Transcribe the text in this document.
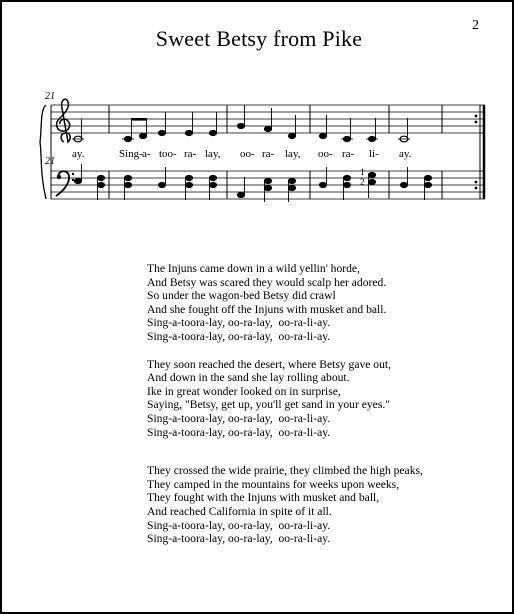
Sweet Betsy from Pike
2
21
21
ay.	Sing- a- too- ra- lay, oo- ra- lay, oo- ra- li- ay.
1
2
The Injuns came down in a wild yellin' horde,
And Betsy was scared they would scalp her adored.
So under the wagon-bed Betsy did crawl
And she fought off the Injuns with musket and ball.
Sing-a-toora-lay, oo-ra-lay,  oo-ra-li-ay.
Sing-a-toora-lay, oo-ra-lay,  oo-ra-li-ay.
They soon reached the desert, where Betsy gave out,
And down in the sand she lay rolling about.
Ike in great wonder looked on in surprise,
Saying, "Betsy, get up, you'll get sand in your eyes."
Sing-a-toora-lay, oo-ra-lay,  oo-ra-li-ay.
Sing-a-toora-lay, oo-ra-lay,  oo-ra-li-ay.
They crossed the wide prairie, they climbed the high peaks,
They camped in the mountains for weeks upon weeks,
They fought with the Injuns with musket and ball,
And reached California in spite of it all.
Sing-a-toora-lay, oo-ra-lay,  oo-ra-li-ay.
Sing-a-toora-lay, oo-ra-lay,  oo-ra-li-ay.
